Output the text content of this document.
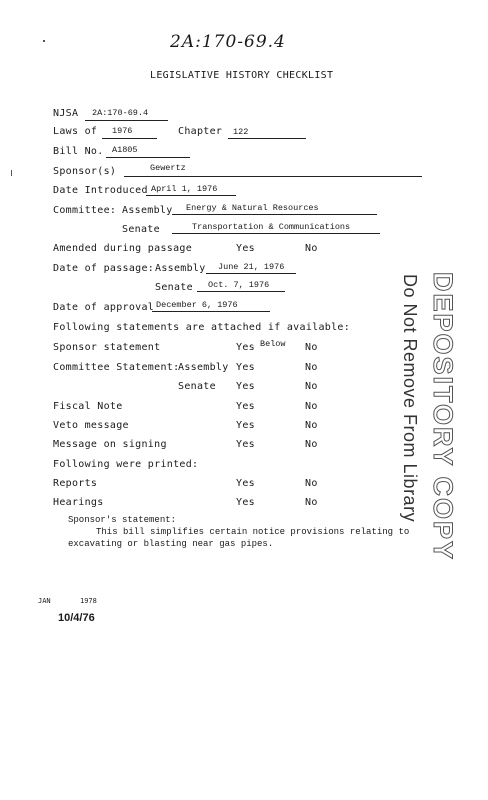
2A:170-69.4
LEGISLATIVE HISTORY CHECKLIST
NJSA 2A:170-69.4
Laws of 1976	Chapter 122
Bill No. A1805
Sponsor(s)	Gewertz
Date Introduced April 1, 1976
Committee: Assembly Energy & Natural Resources
Senate	Transportation & Communications
Amended during passage	Yes	No
Date of passage: Assembly June 21, 1976
Senate Oct. 7, 1976
Date of approval December 6, 1976
Following statements are attached if available:
Sponsor statement	Yes Below No
Committee Statement:
Assembly Yes	No
Senate Yes	No
Fiscal Note	Yes	No
Veto message	Yes	No
Message on signing	Yes	No
Following were printed:
Reports	Yes	No
Hearings	Yes	No
Sponsor's statement:
This bill simplifies certain notice provisions relating to
excavating or blasting near gas pipes.
JAN	1978
10/4/76
DEPOSITORY COPY
Do Not Remove From Library
